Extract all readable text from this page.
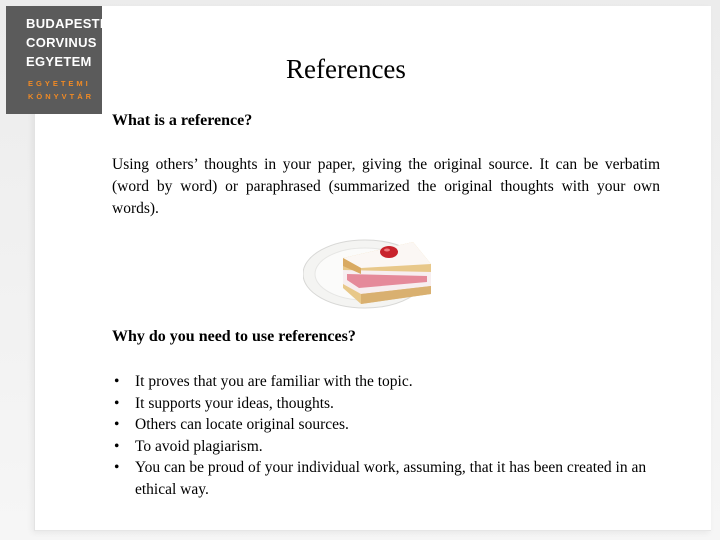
BUDAPESTI
CORVINUS
EGYETEM
EGYETEMI
KÖNYVTÁR
References
What is a reference?
Using others’ thoughts in your paper, giving the original source. It can be verbatim (word by word) or paraphrased (summarized the original thoughts with your own words).
Why do you need to use references?
• It proves that you are familiar with the topic.
• It supports your ideas, thoughts.
• Others can locate original sources.
• To avoid plagiarism.
• You can be proud of your individual work, assuming, that it has been created in an ethical way.
